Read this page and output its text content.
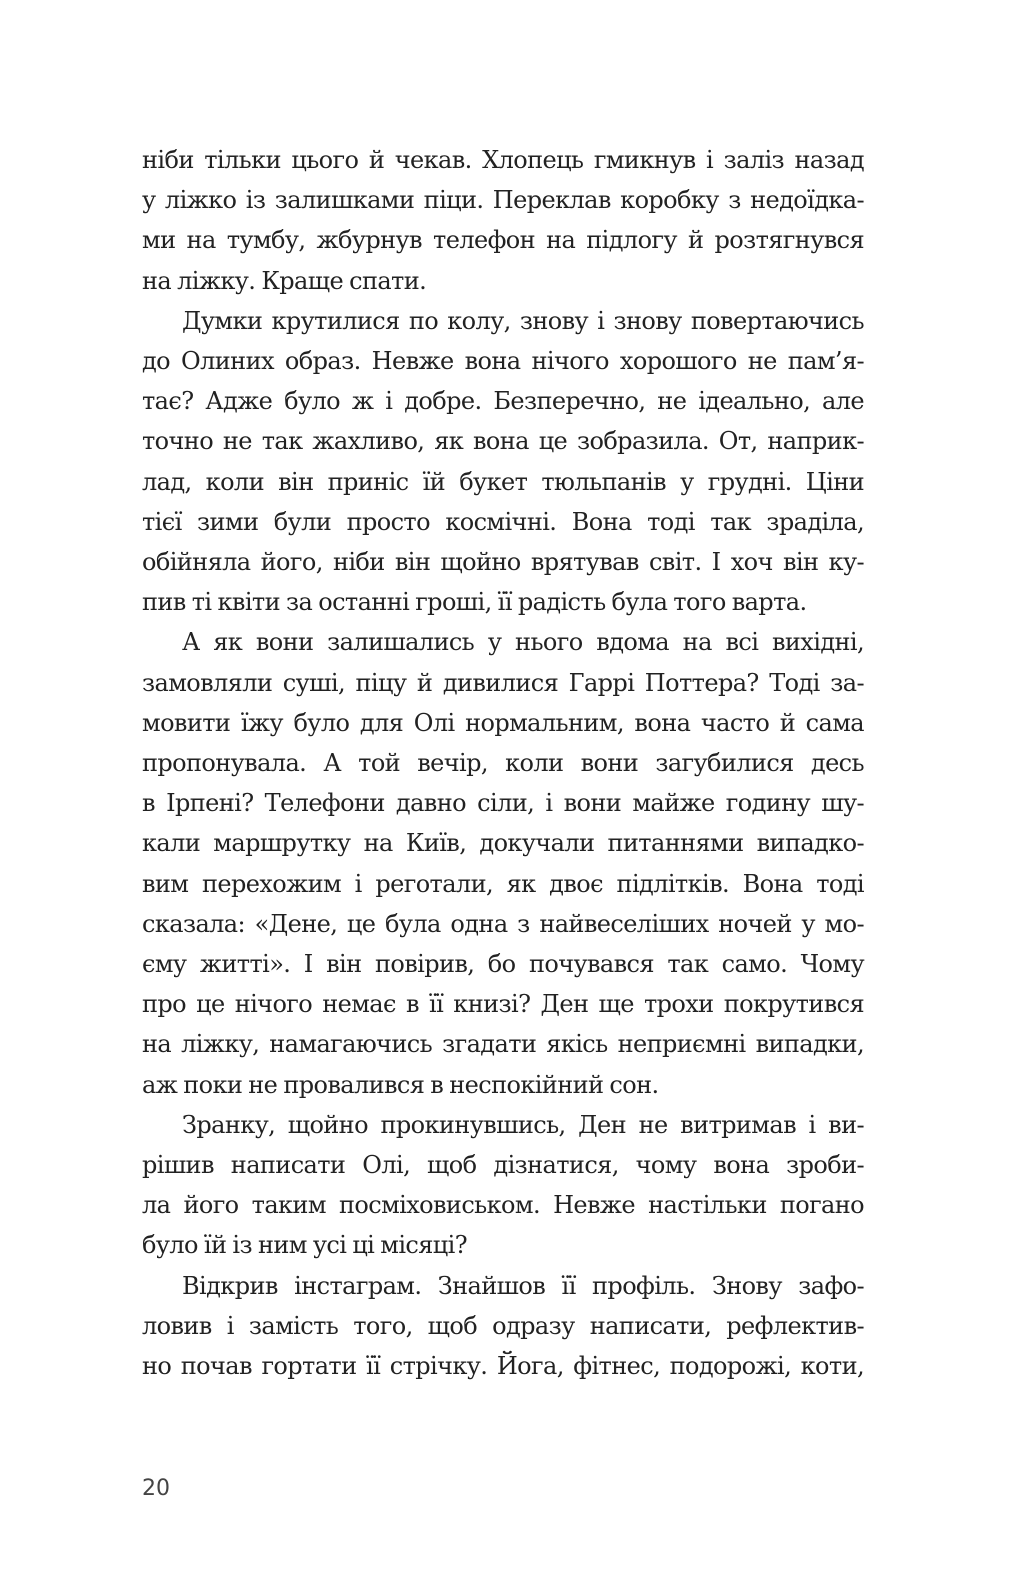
ніби тільки цього й чекав. Хлопець гмикнув і заліз назад
у ліжко із залишками піци. Переклав коробку з недоїдка-
ми на тумбу, жбурнув телефон на підлогу й розтягнувся
на ліжку. Краще спати.
Думки крутилися по колу, знову і знову повертаючись
до Олиних образ. Невже вона нічого хорошого не пам’я-
тає? Адже було ж і добре. Безперечно, не ідеально, але
точно не так жахливо, як вона це зобразила. От, наприк-
лад, коли він приніс їй букет тюльпанів у грудні. Ціни
тієї зими були просто космічні. Вона тоді так зраділа,
обійняла його, ніби він щойно врятував світ. І хоч він ку-
пив ті квіти за останні гроші, її радість була того варта.
А як вони залишались у нього вдома на всі вихідні,
замовляли суші, піцу й дивилися Гаррі Поттера? Тоді за-
мовити їжу було для Олі нормальним, вона часто й сама
пропонувала. А той вечір, коли вони загубилися десь
в Ірпені? Телефони давно сіли, і вони майже годину шу-
кали маршрутку на Київ, докучали питаннями випадко-
вим перехожим і реготали, як двоє підлітків. Вона тоді
сказала: «Дене, це була одна з найвеселіших ночей у мо-
єму житті». І він повірив, бо почувався так само. Чому
про це нічого немає в її книзі? Ден ще трохи покрутився
на ліжку, намагаючись згадати якісь неприємні випадки,
аж поки не провалився в неспокійний сон.
Зранку, щойно прокинувшись, Ден не витримав і ви-
рішив написати Олі, щоб дізнатися, чому вона зроби-
ла його таким посміховиськом. Невже настільки погано
було їй із ним усі ці місяці?
Відкрив інстаграм. Знайшов її профіль. Знову зафо-
ловив і замість того, щоб одразу написати, рефлектив-
но почав гортати її стрічку. Йога, фітнес, подорожі, коти,
20
